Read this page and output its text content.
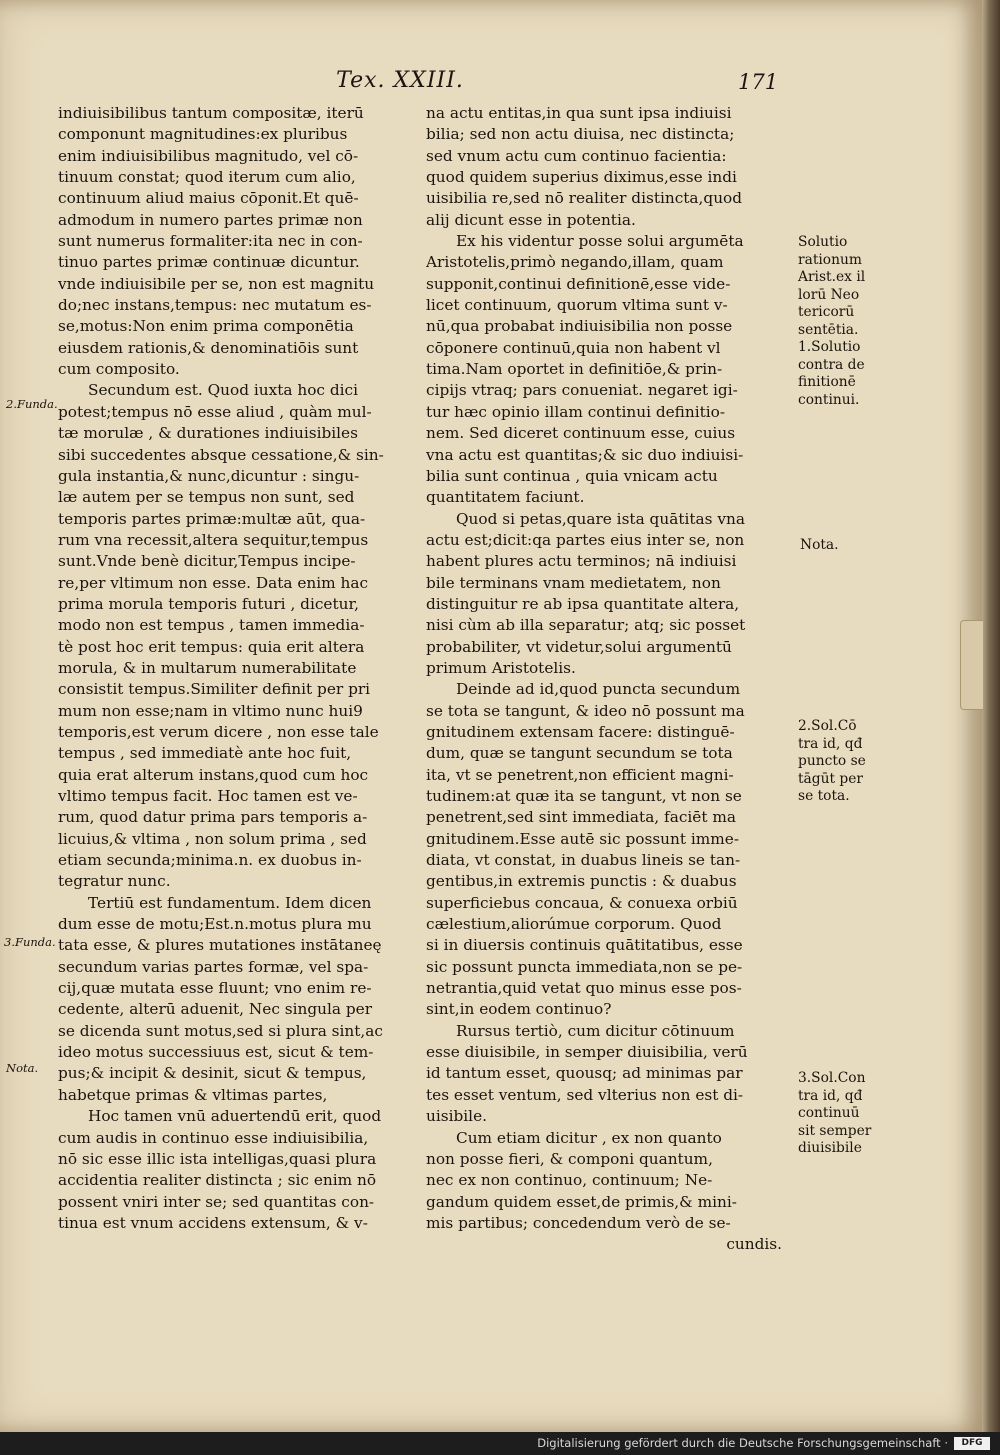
Tex. XXIII.	171
indiuisibilibus tantum compositæ, iterū
componunt magnitudines:ex pluribus
enim indiuisibilibus magnitudo, vel cō-
tinuum constat; quod iterum cum alio,
continuum aliud maius cōponit.Et quē-
admodum in numero partes primæ non
sunt numerus formaliter:ita nec in con-
tinuo partes primæ continuæ dicuntur.
vnde indiuisibile per se, non est magnitu
do;nec instans,tempus: nec mutatum es-
se,motus:Non enim prima componētia
eiusdem rationis,& denominatiōis sunt
cum composito.
Secundum est. Quod iuxta hoc dici
potest;tempus nō esse aliud , quàm mul-
tæ morulæ , & durationes indiuisibiles
sibi succedentes absque cessatione,& sin-
gula instantia,& nunc,dicuntur : singu-
læ autem per se tempus non sunt, sed
temporis partes primæ:multæ aūt, qua-
rum vna recessit,altera sequitur,tempus
sunt.Vnde benè dicitur,Tempus incipe-
re,per vltimum non esse. Data enim hac
prima morula temporis futuri , dicetur,
modo non est tempus , tamen immedia-
tè post hoc erit tempus: quia erit altera
morula, & in multarum numerabilitate
consistit tempus.Similiter definit per pri
mum non esse;nam in vltimo nunc hui9
temporis,est verum dicere , non esse tale
tempus , sed immediatè ante hoc fuit,
quia erat alterum instans,quod cum hoc
vltimo tempus facit. Hoc tamen est ve-
rum, quod datur prima pars temporis a-
licuius,& vltima , non solum prima , sed
etiam secunda;minima.n. ex duobus in-
tegratur nunc.
Tertiū est fundamentum. Idem dicen
dum esse de motu;Est.n.motus plura mu
tata esse, & plures mutationes instātaneę
secundum varias partes formæ, vel spa-
cij,quæ mutata esse fluunt; vno enim re-
cedente, alterū aduenit, Nec singula per
se dicenda sunt motus,sed si plura sint,ac
ideo motus successiuus est, sicut & tem-
pus;& incipit & desinit, sicut & tempus,
habetque primas & vltimas partes,
Hoc tamen vnū aduertendū erit, quod
cum audis in continuo esse indiuisibilia,
nō sic esse illic ista intelligas,quasi plura
accidentia realiter distincta ; sic enim nō
possent vniri inter se; sed quantitas con-
tinua est vnum accidens extensum, & v-
na actu entitas,in qua sunt ipsa indiuisi
bilia; sed non actu diuisa, nec distincta;
sed vnum actu cum continuo facientia:
quod quidem superius diximus,esse indi
uisibilia re,sed nō realiter distincta,quod
alij dicunt esse in potentia.
Ex his videntur posse solui argumēta
Aristotelis,primò negando,illam, quam
supponit,continui definitionē,esse vide-
licet continuum, quorum vltima sunt v-
nū,qua probabat indiuisibilia non posse
cōponere continuū,quia non habent vl
tima.Nam oportet in definitiōe,& prin-
cipijs vtraq; pars conueniat. negaret igi-
tur hæc opinio illam continui definitio-
nem. Sed diceret continuum esse, cuius
vna actu est quantitas;& sic duo indiuisi-
bilia sunt continua , quia vnicam actu
quantitatem faciunt.
Quod si petas,quare ista quātitas vna
actu est;dicit:qa partes eius inter se, non
habent plures actu terminos; nā indiuisi
bile terminans vnam medietatem, non
distinguitur re ab ipsa quantitate altera,
nisi cùm ab illa separatur; atq; sic posset
probabiliter, vt videtur,solui argumentū
primum Aristotelis.
Deinde ad id,quod puncta secundum
se tota se tangunt, & ideo nō possunt ma
gnitudinem extensam facere: distinguē-
dum, quæ se tangunt secundum se tota
ita, vt se penetrent,non efficient magni-
tudinem:at quæ ita se tangunt, vt non se
penetrent,sed sint immediata, faciēt ma
gnitudinem.Esse autē sic possunt imme-
diata, vt constat, in duabus lineis se tan-
gentibus,in extremis punctis : & duabus
superficiebus concaua, & conuexa orbiū
cælestium,aliorúmue corporum. Quod
si in diuersis continuis quātitatibus, esse
sic possunt puncta immediata,non se pe-
netrantia,quid vetat quo minus esse pos-
sint,in eodem continuo?
Rursus tertiò, cum dicitur cōtinuum
esse diuisibile, in semper diuisibilia, verū
id tantum esset, quousq; ad minimas par
tes esset ventum, sed vlterius non est di-
uisibile.
Cum etiam dicitur , ex non quanto
non posse fieri, & componi quantum,
nec ex non continuo, continuum; Ne-
gandum quidem esset,de primis,& mini-
mis partibus; concedendum verò de se-
cundis.
2.Funda.
3.Funda.
Nota.
Solutio
rationum
Arist.ex il
lorū Neo
tericorū
sentētia.
1.Solutio
contra de
finitionē
continui.
Nota.
2.Sol.Cō
tra id, qđ
puncto se
tāgūt per
se tota.
3.Sol.Con
tra id, qđ
continuū
sit semper
diuisibile
Digitalisierung gefördert durch die Deutsche Forschungsgemeinschaft ·	DFG
